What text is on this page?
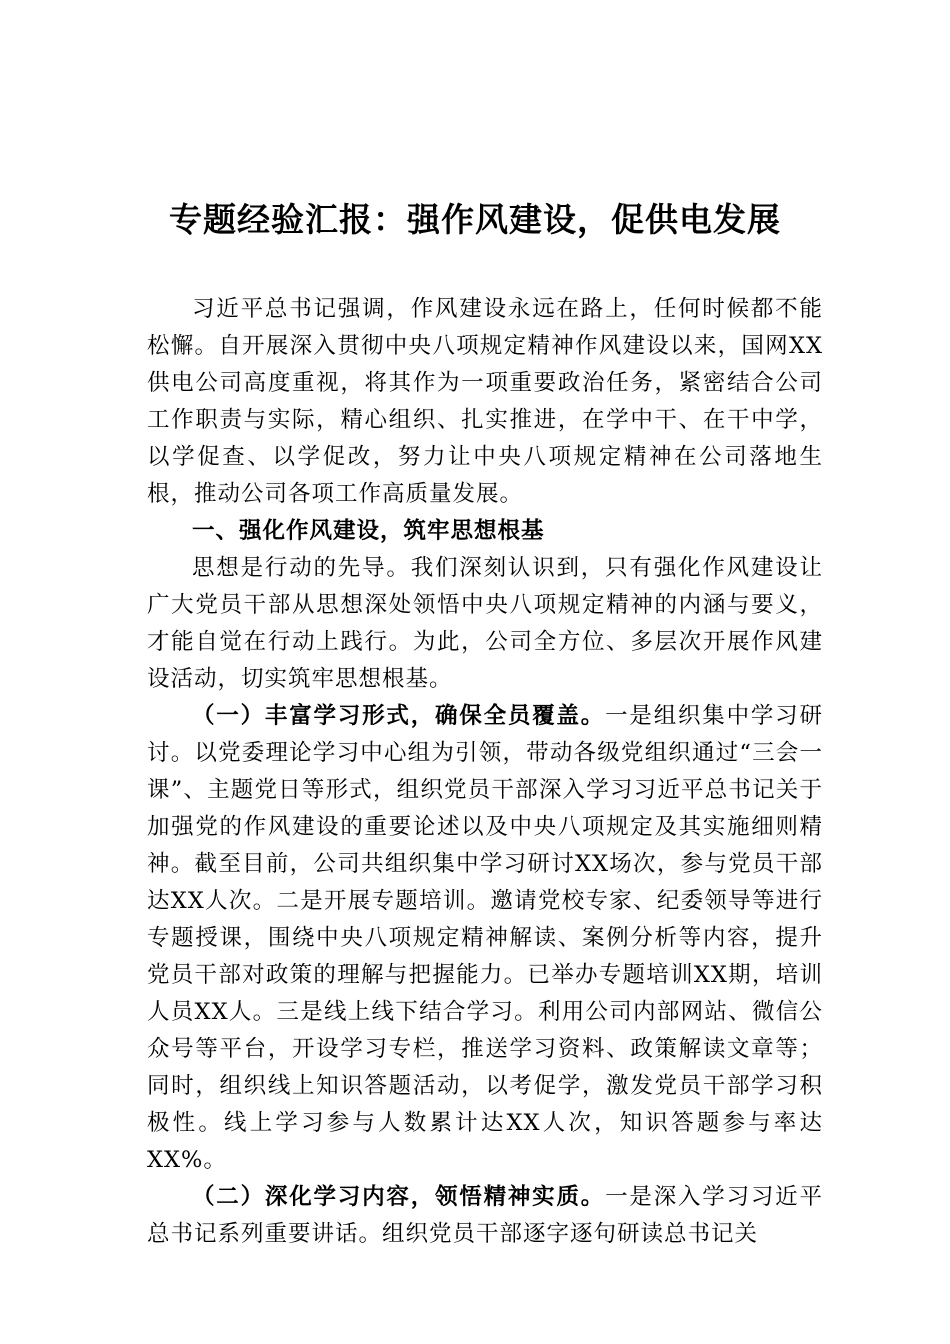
专题经验汇报：强作风建设，促供电发展

习近平总书记强调，作风建设永远在路上，任何时候都不能松懈。自开展深入贯彻中央八项规定精神作风建设以来，国网XX供电公司高度重视，将其作为一项重要政治任务，紧密结合公司工作职责与实际，精心组织、扎实推进，在学中干、在干中学，以学促查、以学促改，努力让中央八项规定精神在公司落地生根，推动公司各项工作高质量发展。

一、强化作风建设，筑牢思想根基

思想是行动的先导。我们深刻认识到，只有强化作风建设让广大党员干部从思想深处领悟中央八项规定精神的内涵与要义，才能自觉在行动上践行。为此，公司全方位、多层次开展作风建设活动，切实筑牢思想根基。

（一）丰富学习形式，确保全员覆盖。一是组织集中学习研讨。以党委理论学习中心组为引领，带动各级党组织通过“三会一课”、主题党日等形式，组织党员干部深入学习习近平总书记关于加强党的作风建设的重要论述以及中央八项规定及其实施细则精神。截至目前，公司共组织集中学习研讨XX场次，参与党员干部达XX人次。二是开展专题培训。邀请党校专家、纪委领导等进行专题授课，围绕中央八项规定精神解读、案例分析等内容，提升党员干部对政策的理解与把握能力。已举办专题培训XX期，培训人员XX人。三是线上线下结合学习。利用公司内部网站、微信公众号等平台，开设学习专栏，推送学习资料、政策解读文章等；同时，组织线上知识答题活动，以考促学，激发党员干部学习积极性。线上学习参与人数累计达XX人次，知识答题参与率达XX%。

（二）深化学习内容，领悟精神实质。一是深入学习习近平总书记系列重要讲话。组织党员干部逐字逐句研读总书记关
